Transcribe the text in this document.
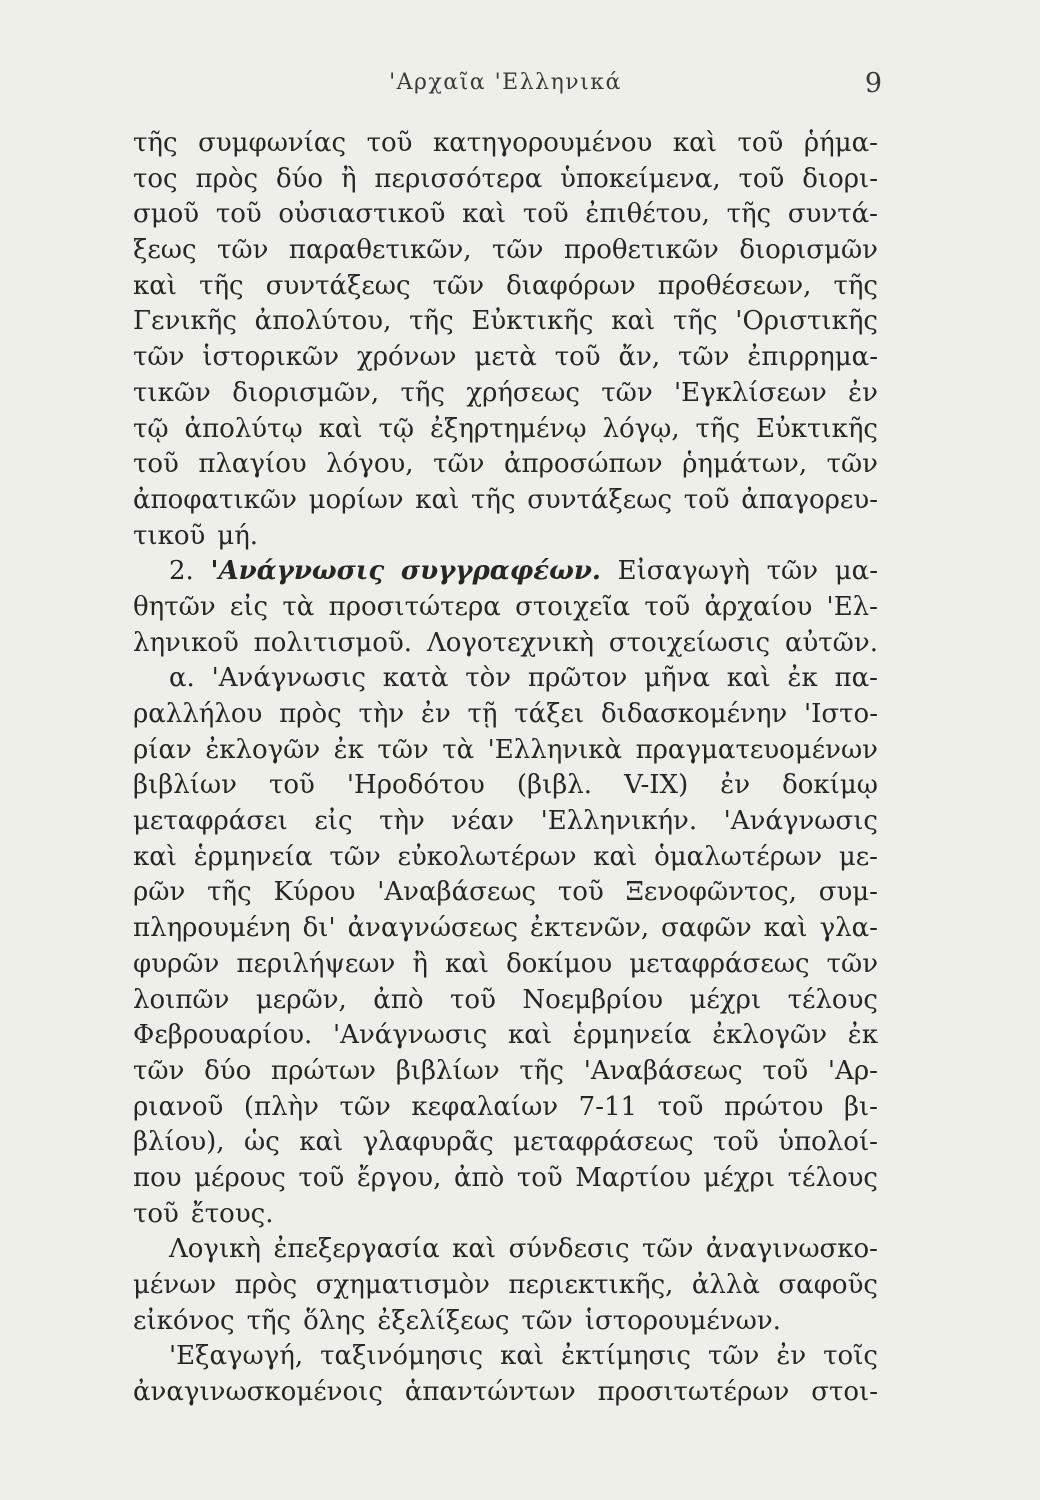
'Αρχαῖα 'Ελληνικά	9
τῆς συμφωνίας τοῦ κατηγορουμένου καὶ τοῦ ῥήμα-
τος πρὸς δύο ἢ περισσότερα ὑποκείμενα, τοῦ διορι-
σμοῦ τοῦ οὐσιαστικοῦ καὶ τοῦ ἐπιθέτου, τῆς συντά-
ξεως τῶν παραθετικῶν, τῶν προθετικῶν διορισμῶν
καὶ τῆς συντάξεως τῶν διαφόρων προθέσεων, τῆς
Γενικῆς ἀπολύτου, τῆς Εὐκτικῆς καὶ τῆς 'Οριστικῆς
τῶν ἱστορικῶν χρόνων μετὰ τοῦ ἄν, τῶν ἐπιρρημα-
τικῶν διορισμῶν, τῆς χρήσεως τῶν 'Εγκλίσεων ἐν
τῷ ἀπολύτῳ καὶ τῷ ἐξηρτημένῳ λόγῳ, τῆς Εὐκτικῆς
τοῦ πλαγίου λόγου, τῶν ἀπροσώπων ῥημάτων, τῶν
ἀποφατικῶν μορίων καὶ τῆς συντάξεως τοῦ ἀπαγορευ-
τικοῦ μή.
2. 'Ανάγνωσις συγγραφέων. Εἰσαγωγὴ τῶν μα-
θητῶν εἰς τὰ προσιτώτερα στοιχεῖα τοῦ ἀρχαίου 'Ελ-
ληνικοῦ πολιτισμοῦ. Λογοτεχνικὴ στοιχείωσις αὐτῶν.
α. 'Ανάγνωσις κατὰ τὸν πρῶτον μῆνα καὶ ἐκ πα-
ραλλήλου πρὸς τὴν ἐν τῇ τάξει διδασκομένην 'Ιστο-
ρίαν ἐκλογῶν ἐκ τῶν τὰ 'Ελληνικὰ πραγματευομένων
βιβλίων τοῦ 'Ηροδότου (βιβλ. V-IX) ἐν δοκίμῳ
μεταφράσει εἰς τὴν νέαν 'Ελληνικήν. 'Ανάγνωσις
καὶ ἑρμηνεία τῶν εὐκολωτέρων καὶ ὁμαλωτέρων με-
ρῶν τῆς Κύρου 'Αναβάσεως τοῦ Ξενοφῶντος, συμ-
πληρουμένη δι' ἀναγνώσεως ἐκτενῶν, σαφῶν καὶ γλα-
φυρῶν περιλήψεων ἢ καὶ δοκίμου μεταφράσεως τῶν
λοιπῶν μερῶν, ἀπὸ τοῦ Νοεμβρίου μέχρι τέλους
Φεβρουαρίου. 'Ανάγνωσις καὶ ἑρμηνεία ἐκλογῶν ἐκ
τῶν δύο πρώτων βιβλίων τῆς 'Αναβάσεως τοῦ 'Αρ-
ριανοῦ (πλὴν τῶν κεφαλαίων 7-11 τοῦ πρώτου βι-
βλίου), ὡς καὶ γλαφυρᾶς μεταφράσεως τοῦ ὑπολοί-
που μέρους τοῦ ἔργου, ἀπὸ τοῦ Μαρτίου μέχρι τέλους
τοῦ ἔτους.
Λογικὴ ἐπεξεργασία καὶ σύνδεσις τῶν ἀναγινωσκο-
μένων πρὸς σχηματισμὸν περιεκτικῆς, ἀλλὰ σαφοῦς
εἰκόνος τῆς ὅλης ἐξελίξεως τῶν ἱστορουμένων.
'Εξαγωγή, ταξινόμησις καὶ ἐκτίμησις τῶν ἐν τοῖς
ἀναγινωσκομένοις ἁπαντώντων προσιτωτέρων στοι-
